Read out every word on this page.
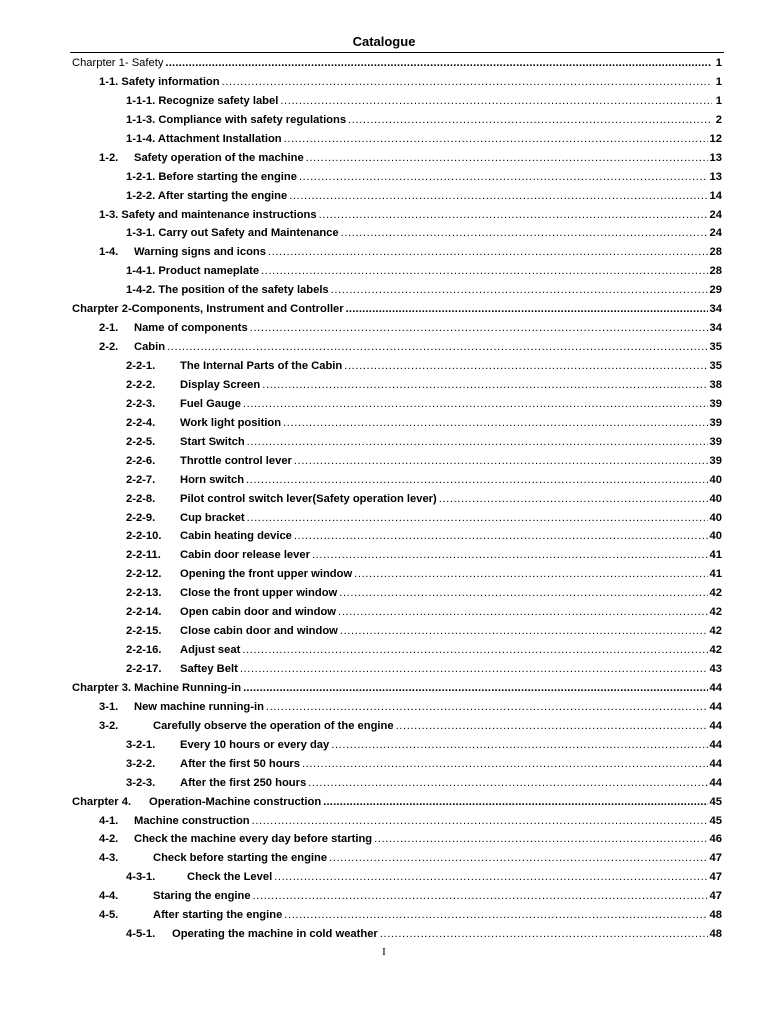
Catalogue
Charpter 1- Safety .....	1
1-1. Safety information .....	1
1-1-1. Recognize safety label .....	1
1-1-3. Compliance with safety regulations .....	2
1-1-4. Attachment Installation .....	12
1-2.	Safety operation of the machine .....	13
1-2-1. Before starting the engine .....	13
1-2-2. After starting the engine .....	14
1-3. Safety and maintenance instructions .....	24
1-3-1. Carry out Safety and Maintenance .....	24
1-4.	Warning signs and icons .....	28
1-4-1. Product nameplate .....	28
1-4-2. The position of the safety labels .....	29
Charpter 2-Components, Instrument and Controller .....	34
2-1.	Name of components .....	34
2-2.	Cabin .....	35
2-2-1.	The Internal Parts of the Cabin .....	35
2-2-2.	Display Screen .....	38
2-2-3.	Fuel Gauge .....	39
2-2-4.	Work light position .....	39
2-2-5.	Start Switch .....	39
2-2-6.	Throttle control lever .....	39
2-2-7.	Horn switch .....	40
2-2-8.	Pilot control switch lever(Safety operation lever) .....	40
2-2-9.	Cup bracket .....	40
2-2-10.	Cabin heating device .....	40
2-2-11.	Cabin door release lever .....	41
2-2-12.	Opening the front upper window .....	41
2-2-13.	Close the front upper window .....	42
2-2-14.	Open cabin door and window .....	42
2-2-15.	Close cabin door and window .....	42
2-2-16.	Adjust seat .....	42
2-2-17.	Saftey Belt .....	43
Charpter 3. Machine Running-in .....	44
3-1.	New machine running-in .....	44
3-2.	Carefully observe the operation of the engine .....	44
3-2-1.	Every 10 hours or every day .....	44
3-2-2.	After the first 50 hours .....	44
3-2-3.	After the first 250 hours .....	44
Charpter 4.	Operation-Machine construction .....	45
4-1.	Machine construction .....	45
4-2.	Check the machine every day before starting .....	46
4-3.	Check before starting the engine .....	47
4-3-1.	Check the Level .....	47
4-4.	Staring the engine .....	47
4-5.	After starting the engine .....	48
4-5-1.	Operating the machine in cold weather .....	48
I
